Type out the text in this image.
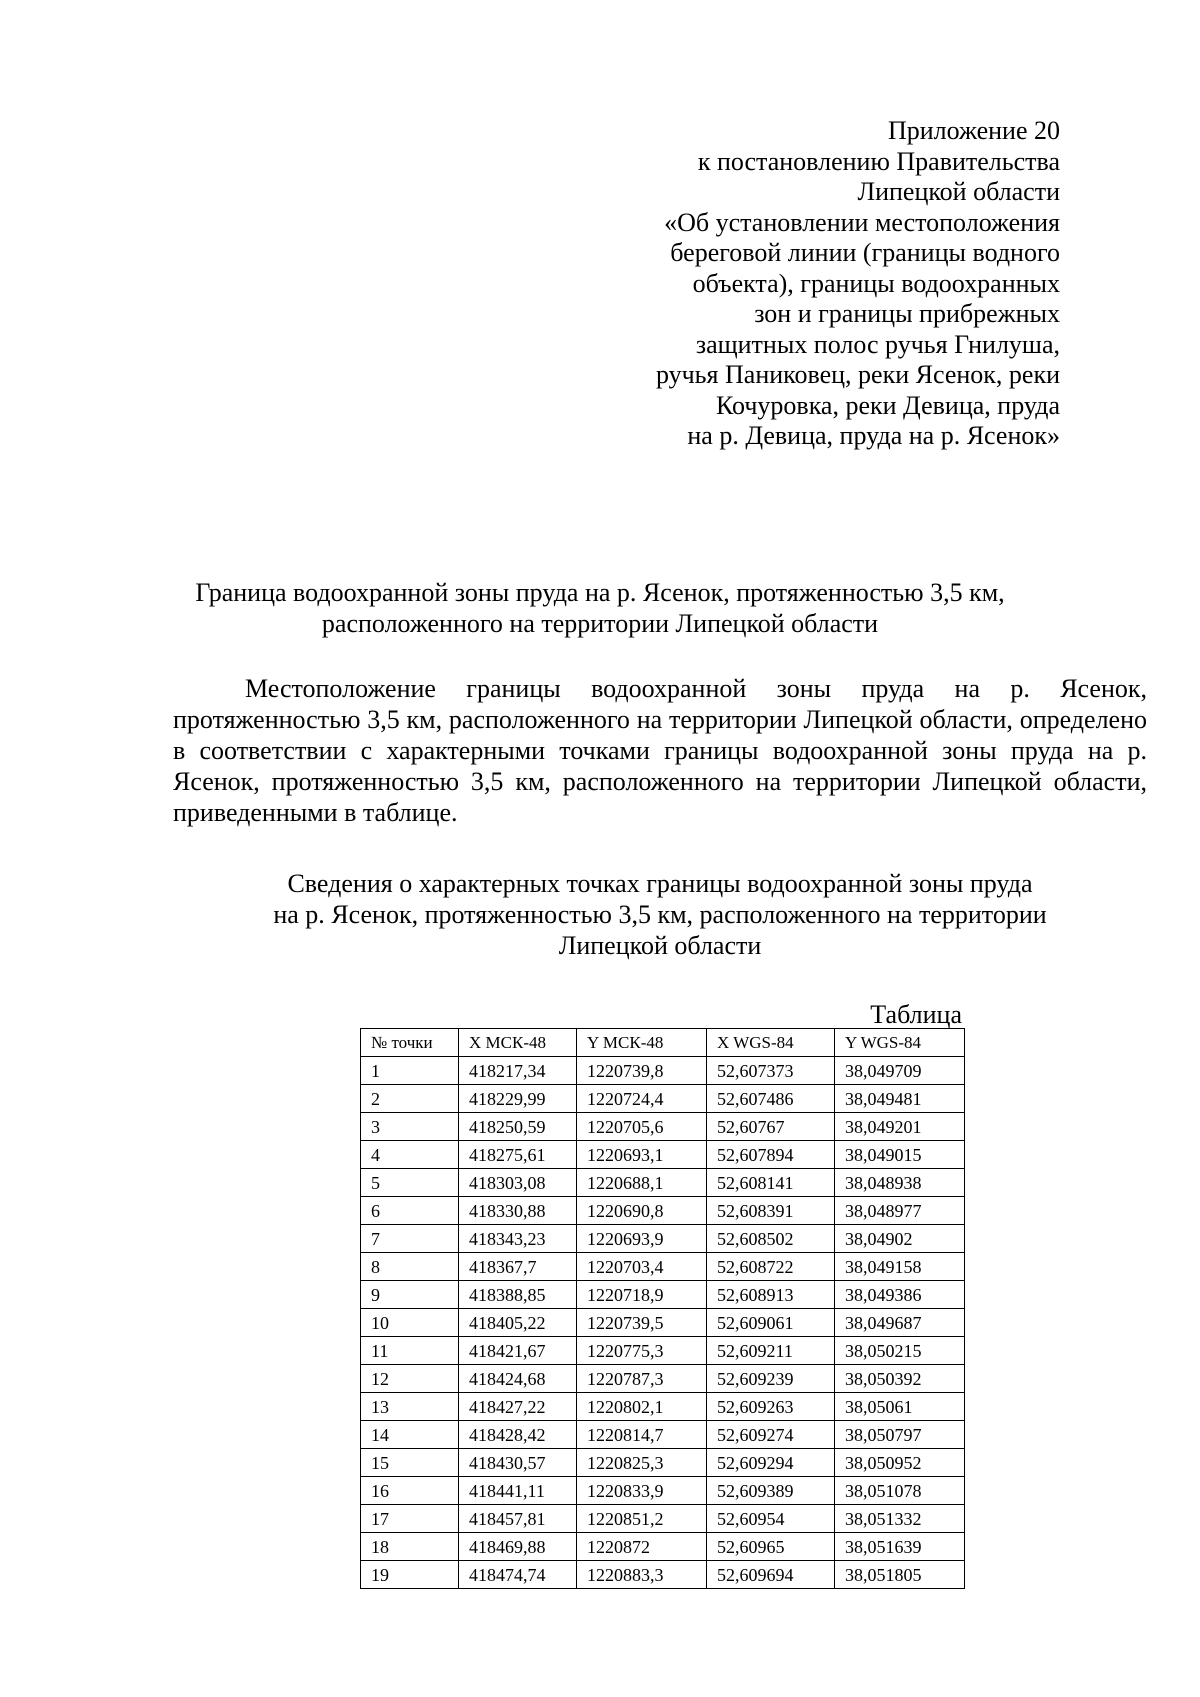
Приложение 20
к постановлению Правительства
Липецкой области
«Об установлении местоположения
береговой линии (границы водного
объекта), границы водоохранных
зон и границы прибрежных
защитных полос ручья Гнилуша,
ручья Паниковец, реки Ясенок, реки
Кочуровка, реки Девица, пруда
на р. Девица, пруда на р. Ясенок»
Граница водоохранной зоны пруда на р. Ясенок, протяженностью 3,5 км,
расположенного на территории Липецкой области
Местоположение границы водоохранной зоны пруда на р. Ясенок, протяженностью 3,5 км, расположенного на территории Липецкой области, определено в соответствии с характерными точками границы водоохранной зоны пруда на р. Ясенок, протяженностью 3,5 км, расположенного на территории Липецкой области, приведенными в таблице.
Сведения о характерных точках границы водоохранной зоны пруда
на р. Ясенок, протяженностью 3,5 км, расположенного на территории
Липецкой области
Таблица
№ точки	X МСК-48	Y МСК-48	X WGS-84	Y WGS-84
1	418217,34	1220739,8	52,607373	38,049709
2	418229,99	1220724,4	52,607486	38,049481
3	418250,59	1220705,6	52,60767	38,049201
4	418275,61	1220693,1	52,607894	38,049015
5	418303,08	1220688,1	52,608141	38,048938
6	418330,88	1220690,8	52,608391	38,048977
7	418343,23	1220693,9	52,608502	38,04902
8	418367,7	1220703,4	52,608722	38,049158
9	418388,85	1220718,9	52,608913	38,049386
10	418405,22	1220739,5	52,609061	38,049687
11	418421,67	1220775,3	52,609211	38,050215
12	418424,68	1220787,3	52,609239	38,050392
13	418427,22	1220802,1	52,609263	38,05061
14	418428,42	1220814,7	52,609274	38,050797
15	418430,57	1220825,3	52,609294	38,050952
16	418441,11	1220833,9	52,609389	38,051078
17	418457,81	1220851,2	52,60954	38,051332
18	418469,88	1220872	52,60965	38,051639
19	418474,74	1220883,3	52,609694	38,051805
